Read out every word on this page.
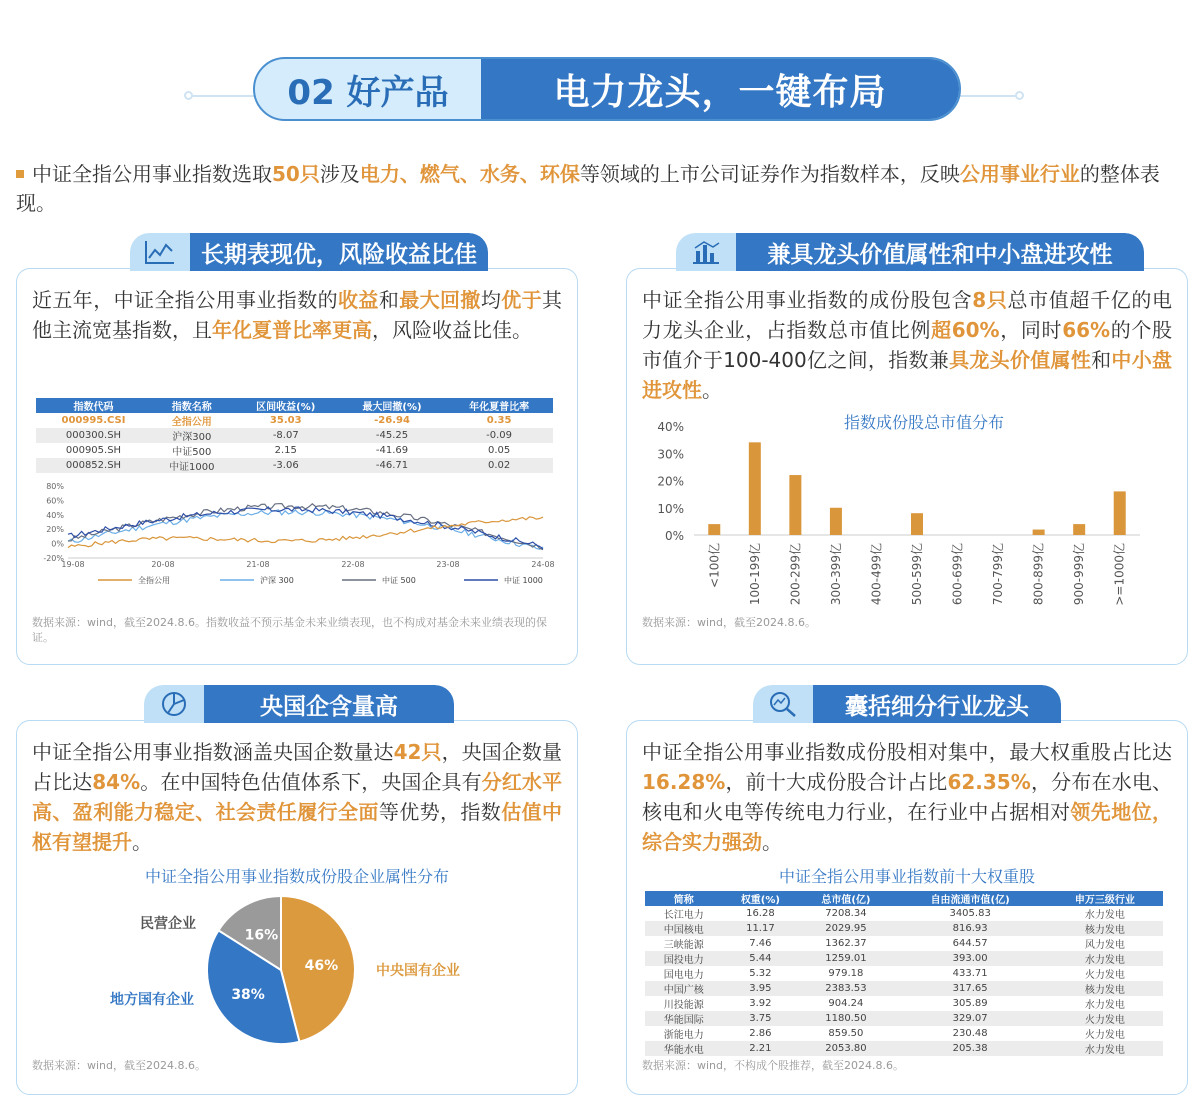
02 好产品	电力龙头，一键布局
中证全指公用事业指数选取50只涉及电力、燃气、水务、环保等领域的上市公司证券作为指数样本，反映公用事业行业的整体表现。
长期表现优，风险收益比佳
近五年，中证全指公用事业指数的收益和最大回撤均优于其他主流宽基指数，且年化夏普比率更高，风险收益比佳。
指数代码	指数名称	区间收益(%)	最大回撤(%)	年化夏普比率
000995.CSI	全指公用	35.03	-26.94	0.35
000300.SH	沪深300	-8.07	-45.25	-0.09
000905.SH	中证500	2.15	-41.69	0.05
000852.SH	中证1000	-3.06	-46.71	0.02
80%
60%
40%
20%
0%
-20%
19-08	20-08	21-08	22-08	23-08	24-08
全指公用	沪深 300	中证 500	中证 1000
数据来源：wind，截至2024.8.6。指数收益不预示基金未来业绩表现，也不构成对基金未来业绩表现的保证。
兼具龙头价值属性和中小盘进攻性
中证全指公用事业指数的成份股包含8只总市值超千亿的电力龙头企业，占指数总市值比例超60%，同时66%的个股市值介于100-400亿之间，指数兼具龙头价值属性和中小盘进攻性。
指数成份股总市值分布
40%
30%
20%
10%
0%
<100亿 100-199亿 200-299亿 300-399亿 400-499亿 500-599亿 600-699亿 700-799亿 800-899亿 900-999亿 >=1000亿
数据来源：wind，截至2024.8.6。
央国企含量高
中证全指公用事业指数涵盖央国企数量达42只，央国企数量占比达84%。在中国特色估值体系下，央国企具有分红水平高、盈利能力稳定、社会责任履行全面等优势，指数估值中枢有望提升。
中证全指公用事业指数成份股企业属性分布
46%
38%
16%
中央国有企业
地方国有企业
民营企业
数据来源：wind，截至2024.8.6。
囊括细分行业龙头
中证全指公用事业指数成份股相对集中，最大权重股占比达16.28%，前十大成份股合计占比62.35%，分布在水电、核电和火电等传统电力行业，在行业中占据相对领先地位，综合实力强劲。
中证全指公用事业指数前十大权重股
简称	权重(%)	总市值(亿)	自由流通市值(亿)	申万三级行业
长江电力	16.28	7208.34	3405.83	水力发电
中国核电	11.17	2029.95	816.93	核力发电
三峡能源	7.46	1362.37	644.57	风力发电
国投电力	5.44	1259.01	393.00	水力发电
国电电力	5.32	979.18	433.71	火力发电
中国广核	3.95	2383.53	317.65	核力发电
川投能源	3.92	904.24	305.89	水力发电
华能国际	3.75	1180.50	329.07	火力发电
浙能电力	2.86	859.50	230.48	火力发电
华能水电	2.21	2053.80	205.38	水力发电
数据来源：wind，不构成个股推荐，截至2024.8.6。
